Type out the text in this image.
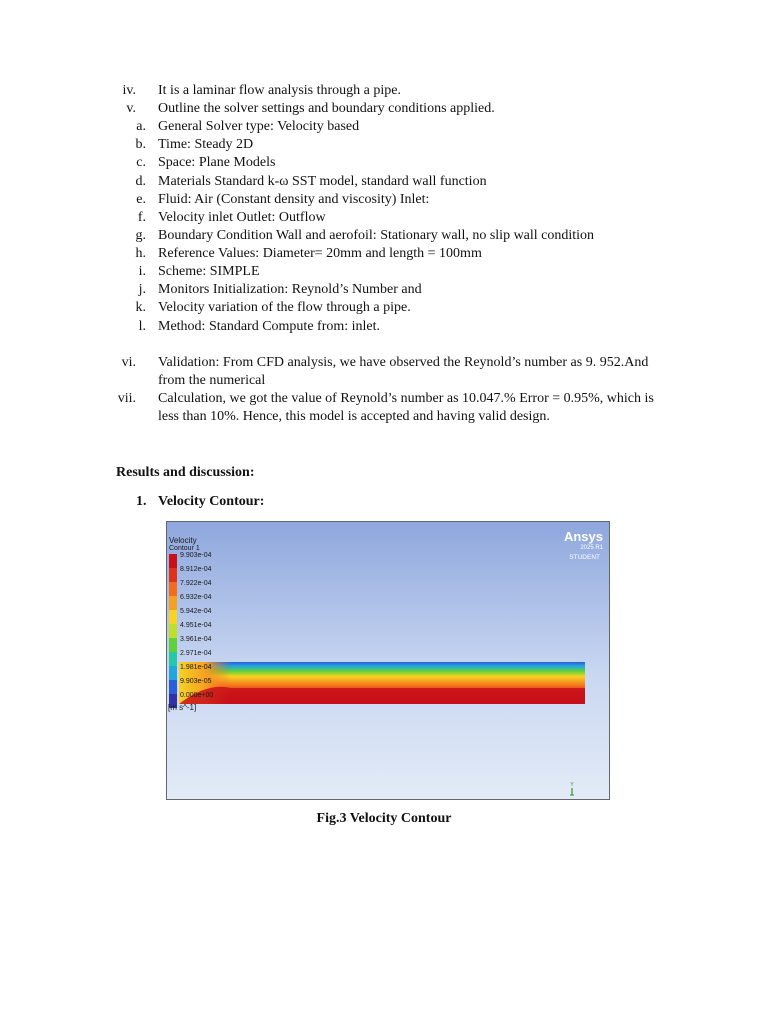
iv. It is a laminar flow analysis through a pipe.
v. Outline the solver settings and boundary conditions applied.
a. General Solver type: Velocity based
b. Time: Steady 2D
c. Space: Plane Models
d. Materials Standard k-ω SST model, standard wall function
e. Fluid: Air (Constant density and viscosity) Inlet:
f. Velocity inlet Outlet: Outflow
g. Boundary Condition Wall and aerofoil: Stationary wall, no slip wall condition
h. Reference Values: Diameter= 20mm and length = 100mm
i. Scheme: SIMPLE
j. Monitors Initialization: Reynold’s Number and
k. Velocity variation of the flow through a pipe.
l. Method: Standard Compute from: inlet.
vi. Validation: From CFD analysis, we have observed the Reynold’s number as 9. 952.And
from the numerical
vii. Calculation, we got the value of Reynold’s number as 10.047.% Error = 0.95%, which is
less than 10%. Hence, this model is accepted and having valid design.
Results and discussion:
1. Velocity Contour:
Velocity
Contour 1
9.903e-04
8.912e-04
7.922e-04
6.932e-04
5.942e-04
4.951e-04
3.961e-04
2.971e-04
1.981e-04
9.903e-05
0.000e+00
[m s^-1]
Ansys
2025 R1
STUDENT
Y
Fig.3 Velocity Contour
